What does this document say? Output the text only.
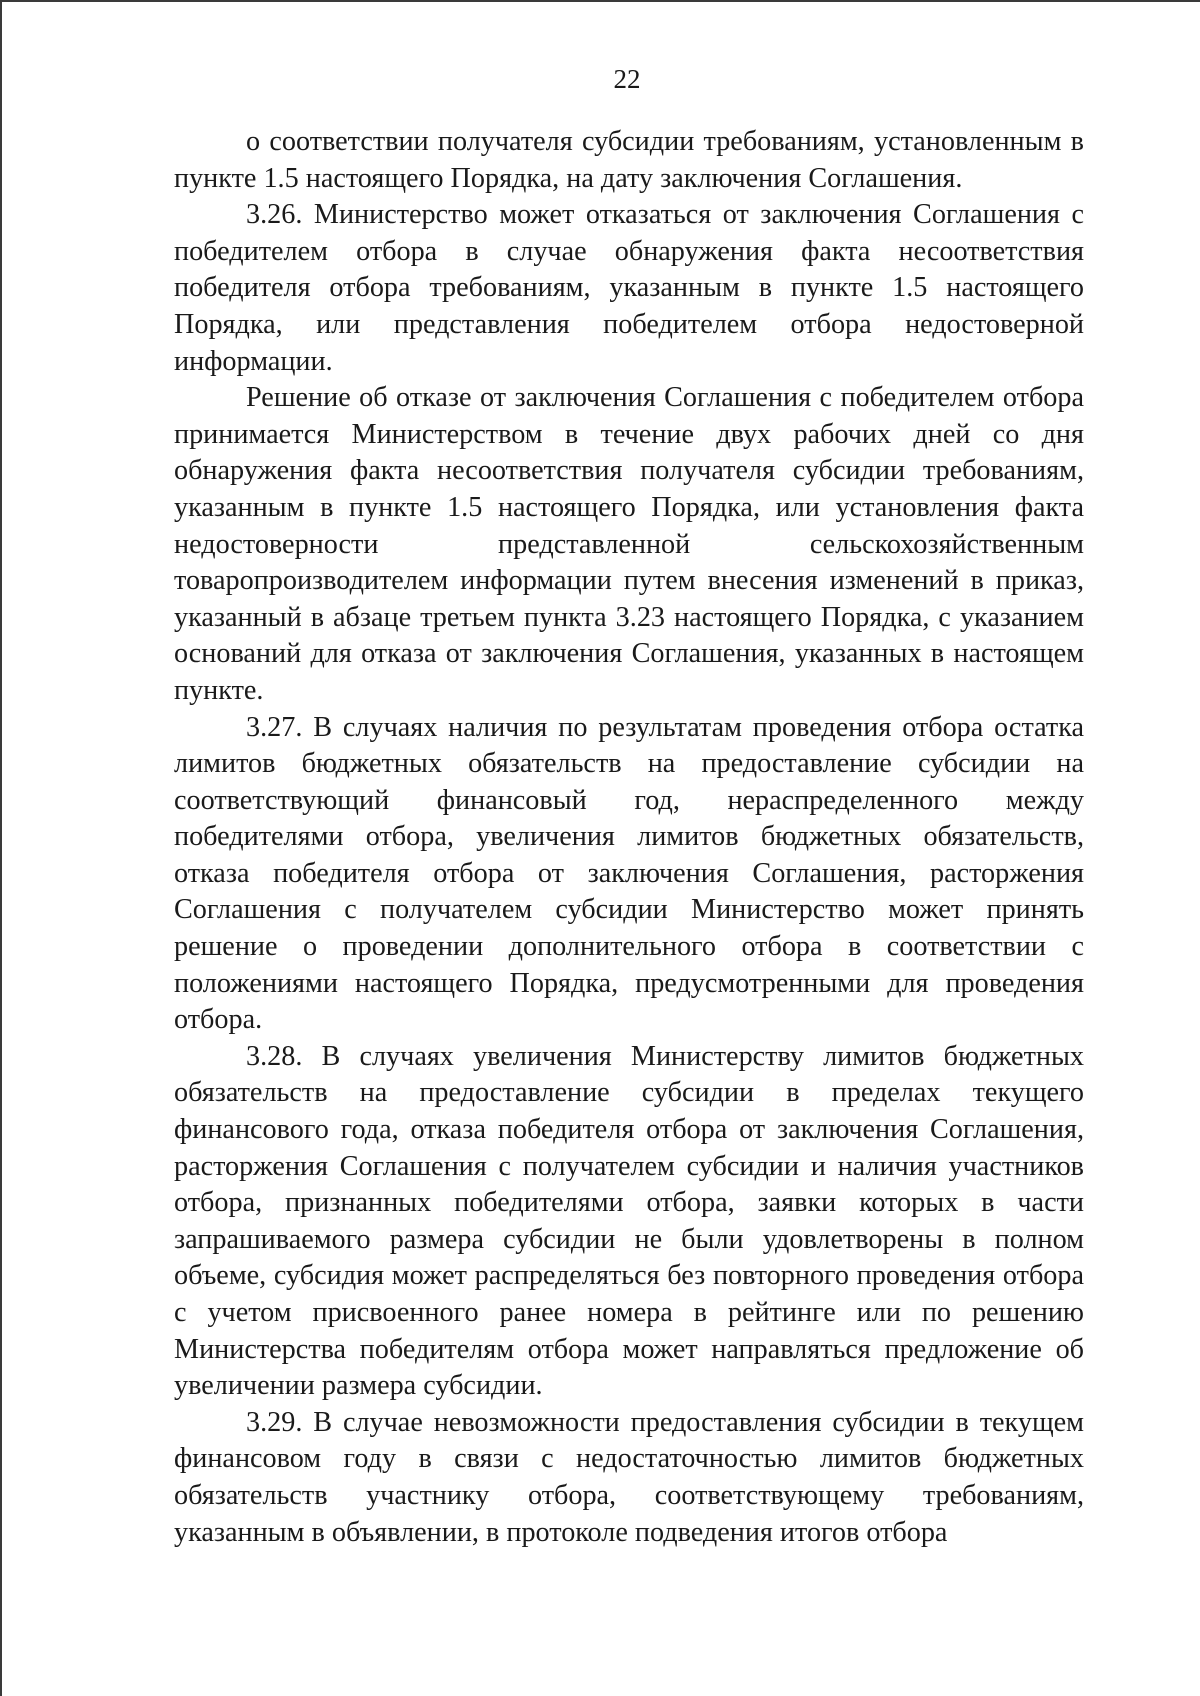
22

о соответствии получателя субсидии требованиям, установленным в пункте 1.5 настоящего Порядка, на дату заключения Соглашения.

3.26. Министерство может отказаться от заключения Соглашения с победителем отбора в случае обнаружения факта несоответствия победителя отбора требованиям, указанным в пункте 1.5 настоящего Порядка, или представления победителем отбора недостоверной информации.

Решение об отказе от заключения Соглашения с победителем отбора принимается Министерством в течение двух рабочих дней со дня обнаружения факта несоответствия получателя субсидии требованиям, указанным в пункте 1.5 настоящего Порядка, или установления факта недостоверности представленной сельскохозяйственным товаропроизводителем информации путем внесения изменений в приказ, указанный в абзаце третьем пункта 3.23 настоящего Порядка, с указанием оснований для отказа от заключения Соглашения, указанных в настоящем пункте.

3.27. В случаях наличия по результатам проведения отбора остатка лимитов бюджетных обязательств на предоставление субсидии на соответствующий финансовый год, нераспределенного между победителями отбора, увеличения лимитов бюджетных обязательств, отказа победителя отбора от заключения Соглашения, расторжения Соглашения с получателем субсидии Министерство может принять решение о проведении дополнительного отбора в соответствии с положениями настоящего Порядка, предусмотренными для проведения отбора.

3.28. В случаях увеличения Министерству лимитов бюджетных обязательств на предоставление субсидии в пределах текущего финансового года, отказа победителя отбора от заключения Соглашения, расторжения Соглашения с получателем субсидии и наличия участников отбора, признанных победителями отбора, заявки которых в части запрашиваемого размера субсидии не были удовлетворены в полном объеме, субсидия может распределяться без повторного проведения отбора с учетом присвоенного ранее номера в рейтинге или по решению Министерства победителям отбора может направляться предложение об увеличении размера субсидии.

3.29. В случае невозможности предоставления субсидии в текущем финансовом году в связи с недостаточностью лимитов бюджетных обязательств участнику отбора, соответствующему требованиям, указанным в объявлении, в протоколе подведения итогов отбора
